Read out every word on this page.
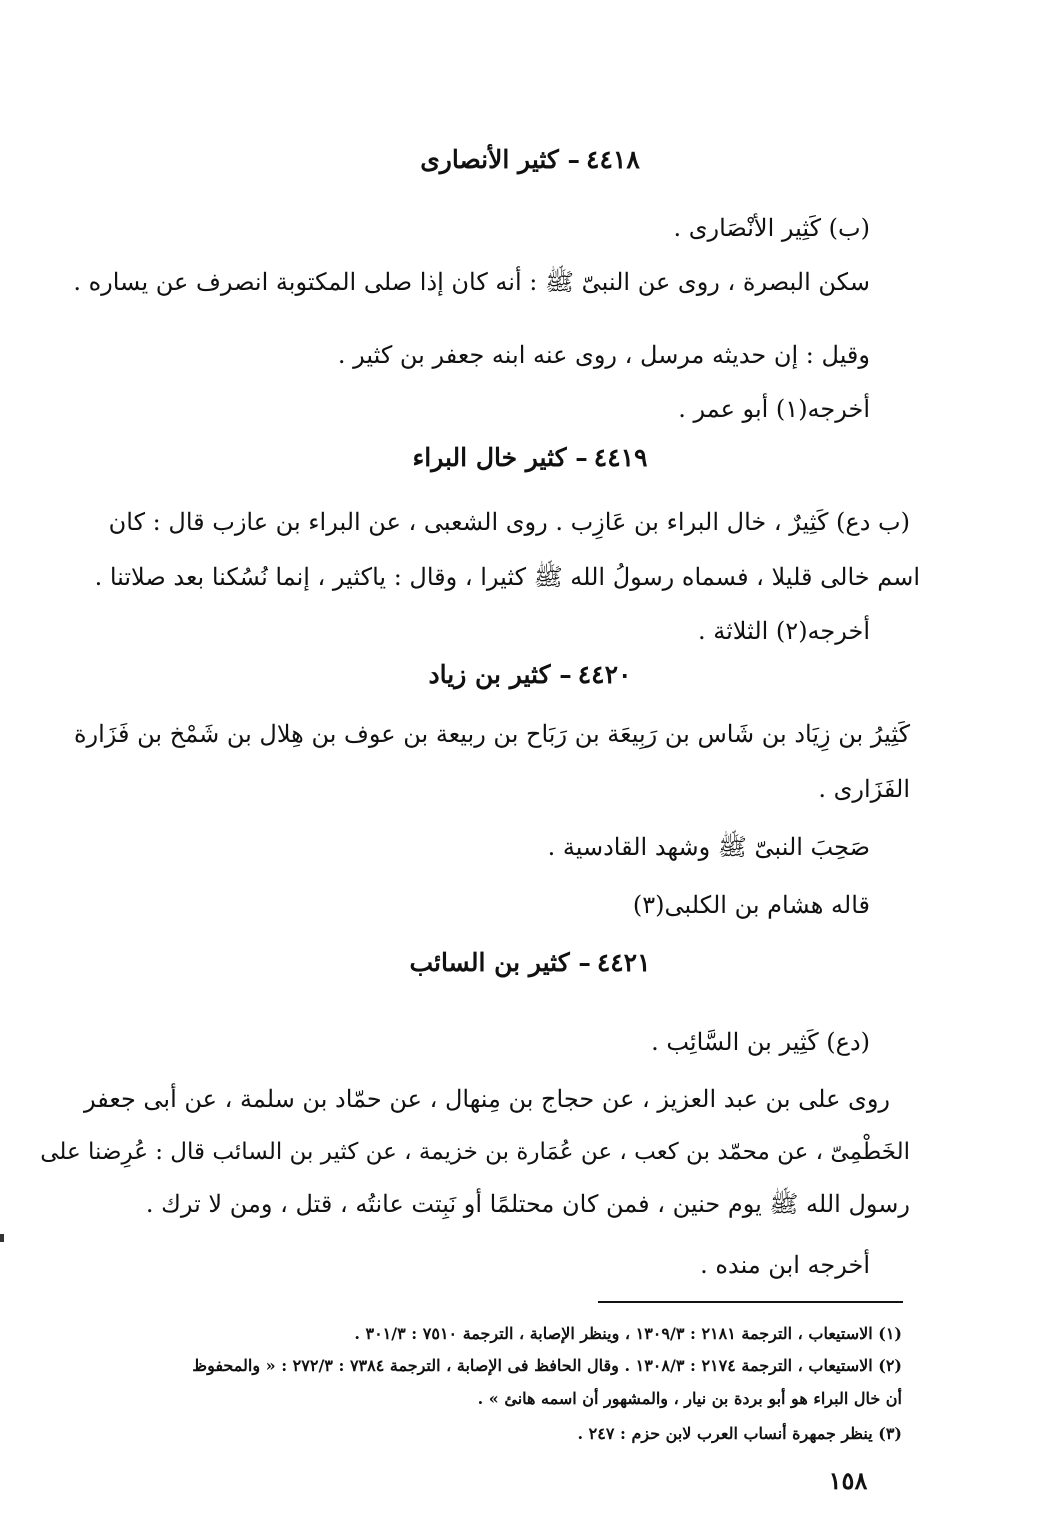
٤٤١٨– كثير الأنصارى
(ب) كَثِير الأنْصَارى .
سكن البصرة ، روى عن النبىّ ﷺ : أنه كان إذا صلى المكتوبة انصرف عن يساره .
وقيل : إن حديثه مرسل ، روى عنه ابنه جعفر بن كثير .
أخرجه(١) أبو عمر .
٤٤١٩– كثير خال البراء
(ب دع) كَثِيرٌ ، خال البراء بن عَازِب . روى الشعبى ، عن البراء بن عازب قال : كان
اسم خالى قليلا ، فسماه رسولُ الله ﷺ كثيرا ، وقال : ياكثير ، إنما نُسُكنا بعد صلاتنا .
أخرجه(٢) الثلاثة .
٤٤٢٠– كثير بن زياد
كَثِيرُ بن زِيَاد بن شَاس بن رَبِيعَة بن رَبَاح بن ربيعة بن عوف بن هِلال بن شَمْخ بن فَزَارة
الفَزَارى .
صَحِبَ النبىّ ﷺ وشهد القادسية .
قاله هشام بن الكلبى(٣)
٤٤٢١– كثير بن السائب
(دع) كَثِير بن السَّائِب .
روى على بن عبد العزيز ، عن حجاج بن مِنهال ، عن حمّاد بن سلمة ، عن أبى جعفر
الخَطْمِىّ ، عن محمّد بن كعب ، عن عُمَارة بن خزيمة ، عن كثير بن السائب قال : عُرِضنا على
رسول الله ﷺ يوم حنين ، فمن كان محتلمًا أو نَبِتت عانتُه ، قتل ، ومن لا ترك .
أخرجه ابن منده .
(١) الاستيعاب ، الترجمة ٢١٨١ : ١٣٠٩/٣ ، وينظر الإصابة ، الترجمة ٧٥١٠ : ٣٠١/٣ .
(٢) الاستيعاب ، الترجمة ٢١٧٤ : ١٣٠٨/٣ . وقال الحافظ فى الإصابة ، الترجمة ٧٣٨٤ : ٢٧٢/٣ : « والمحفوظ
أن خال البراء هو أبو بردة بن نيار ، والمشهور أن اسمه هانئ » .
(٣) ينظر جمهرة أنساب العرب لابن حزم : ٢٤٧ .
١٥٨
